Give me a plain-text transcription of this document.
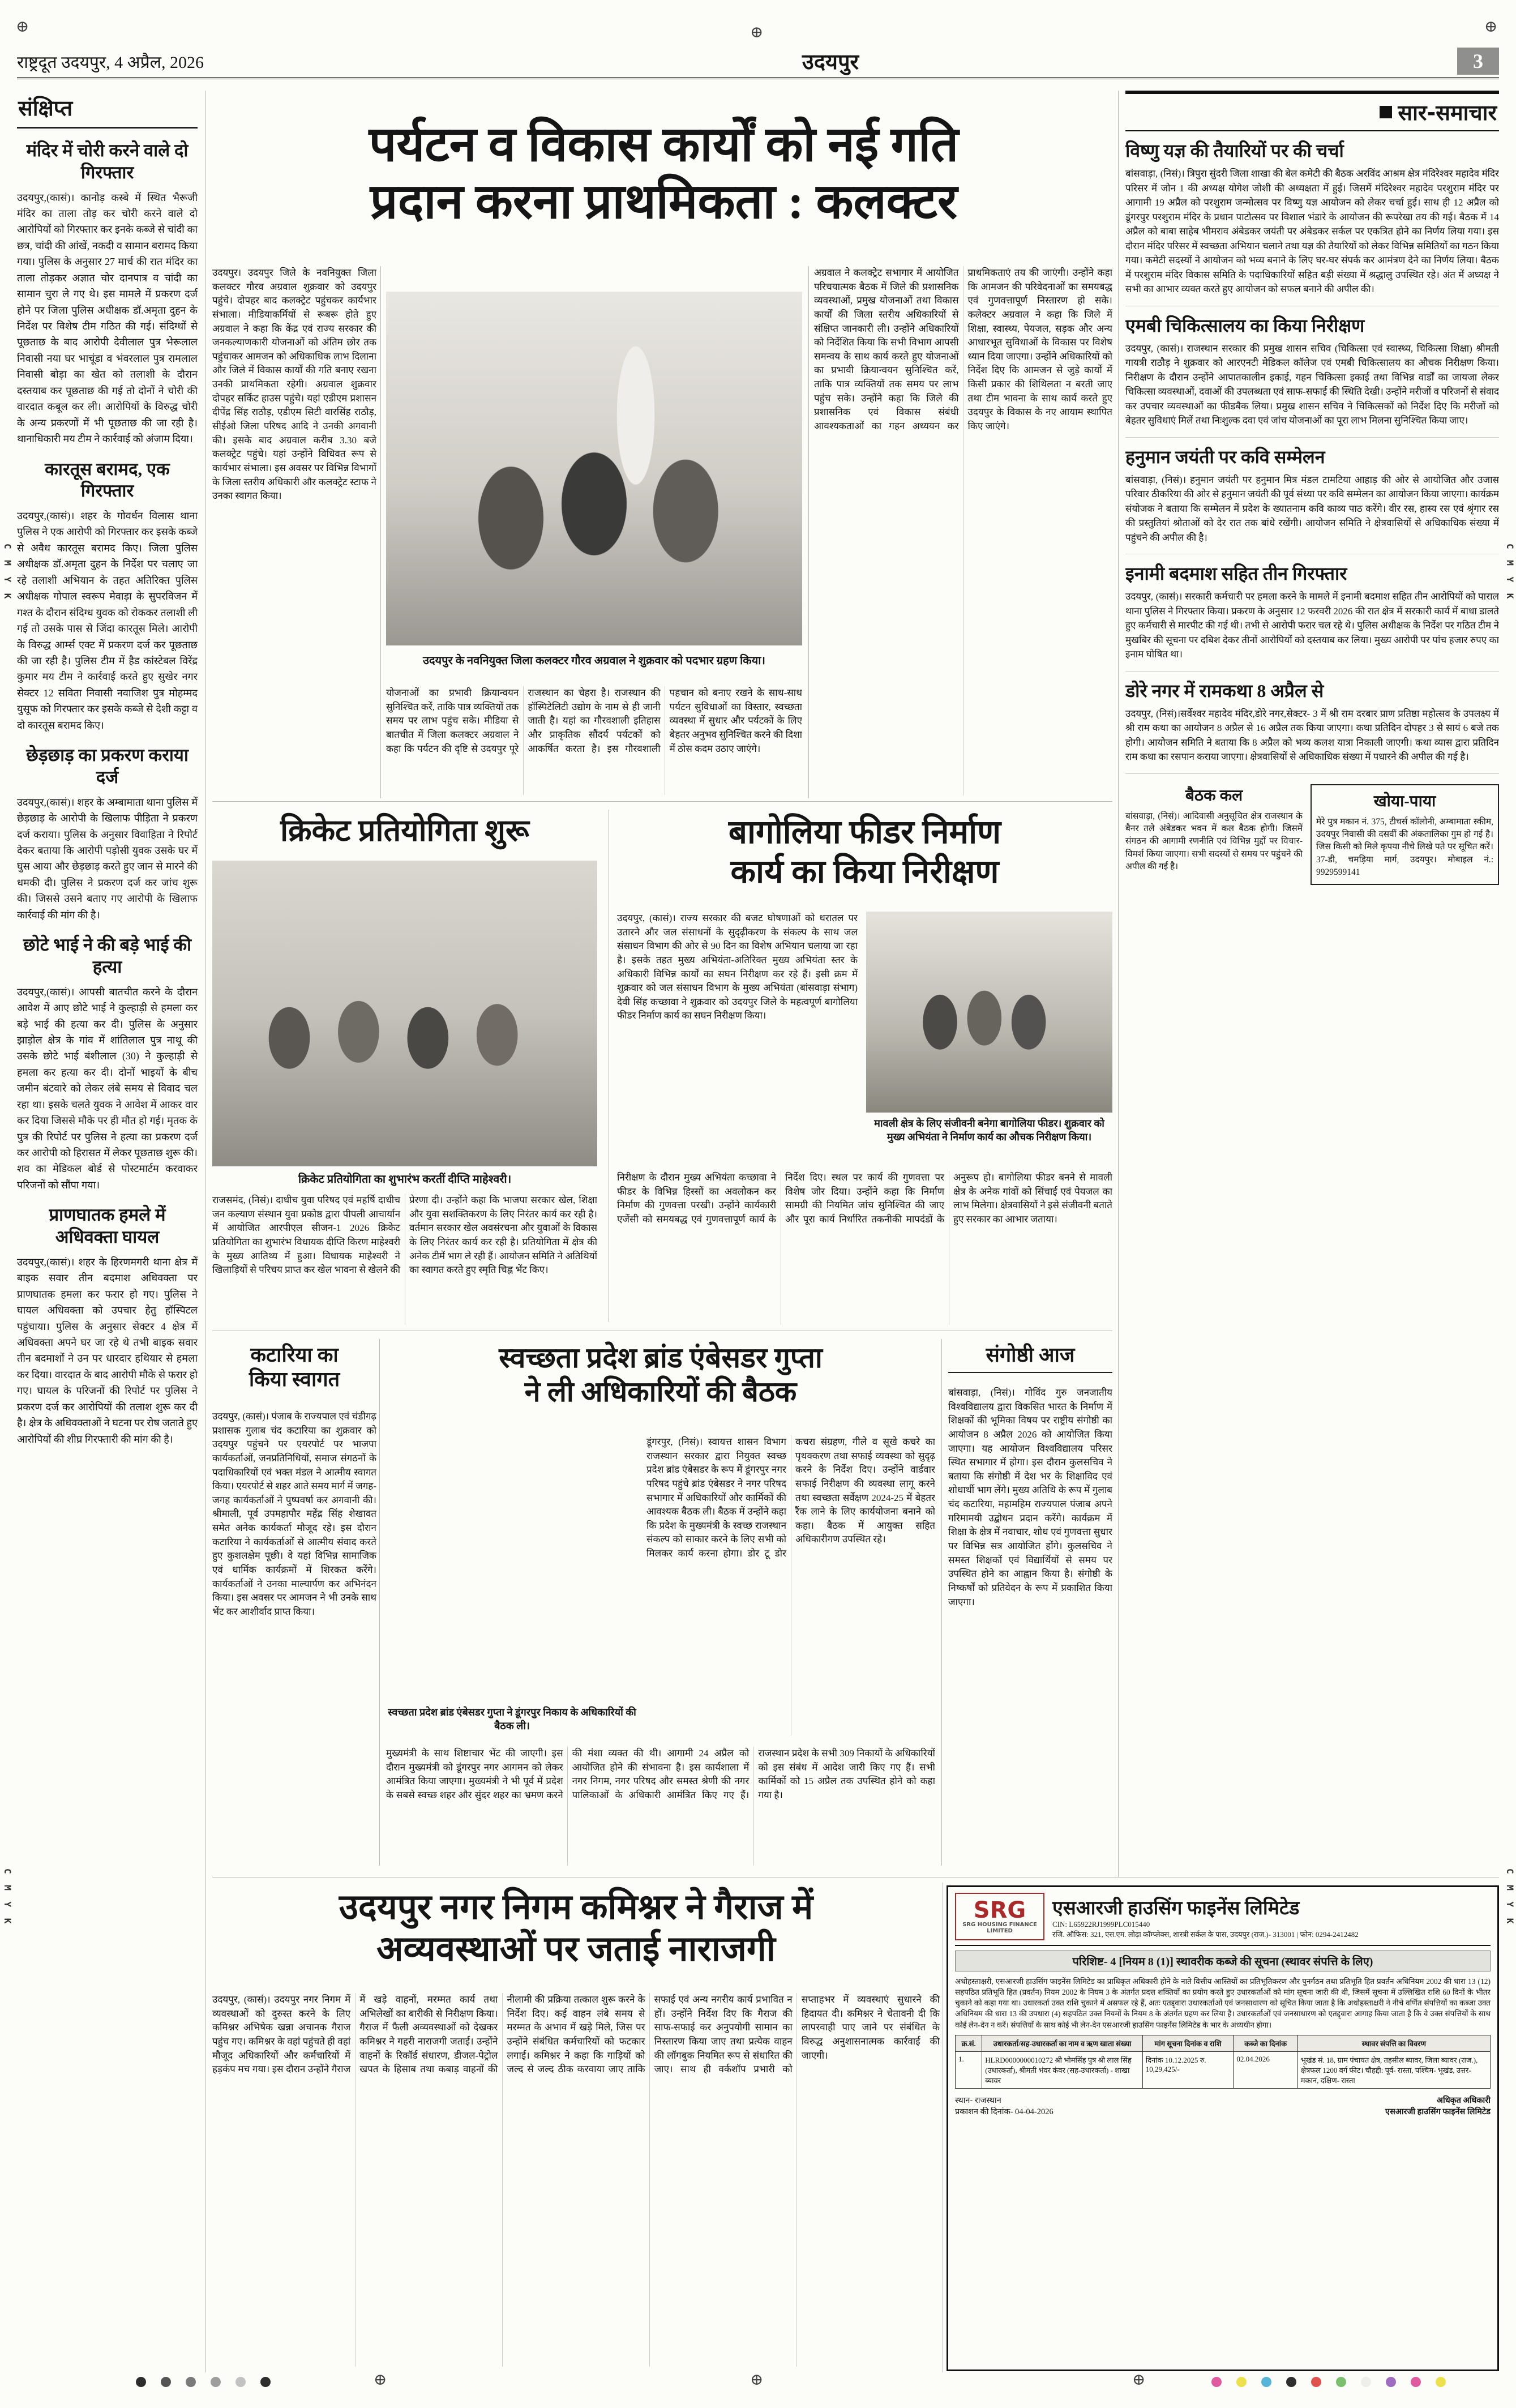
⊕	⊕	⊕
C M Y K
C M Y K
C M Y K
C M Y K
राष्ट्रदूत उदयपुर, 4 अप्रैल, 2026	उदयपुर	3
संक्षिप्त
मंदिर में चोरी करने वाले दो गिरफ्तार
उदयपुर,(कासं)। कानोड़ कस्बे में स्थित भैरूजी मंदिर का ताला तोड़ कर चोरी करने वाले दो आरोपियों को गिरफ्तार कर इनके कब्जे से चांदी का छत्र, चांदी की आंखें, नकदी व सामान बरामद किया गया। पुलिस के अनुसार 27 मार्च की रात मंदिर का ताला तोड़कर अज्ञात चोर दानपात्र व चांदी का सामान चुरा ले गए थे। इस मामले में प्रकरण दर्ज होने पर जिला पुलिस अधीक्षक डॉ.अमृता दुहन के निर्देश पर विशेष टीम गठित की गई। संदिग्धों से पूछताछ के बाद आरोपी देवीलाल पुत्र भेरूलाल निवासी नया घर भाचूंडा व भंवरलाल पुत्र रामलाल निवासी बोड़ा का खेत को तलाशी के दौरान दस्तयाब कर पूछताछ की गई तो दोनों ने चोरी की वारदात कबूल कर ली। आरोपियों के विरुद्ध चोरी के अन्य प्रकरणों में भी पूछताछ की जा रही है। थानाधिकारी मय टीम ने कार्रवाई को अंजाम दिया।
कारतूस बरामद, एक गिरफ्तार
उदयपुर,(कासं)। शहर के गोवर्धन विलास थाना पुलिस ने एक आरोपी को गिरफ्तार कर इसके कब्जे से अवैध कारतूस बरामद किए। जिला पुलिस अधीक्षक डॉ.अमृता दुहन के निर्देश पर चलाए जा रहे तलाशी अभियान के तहत अतिरिक्त पुलिस अधीक्षक गोपाल स्वरूप मेवाड़ा के सुपरविजन में गश्त के दौरान संदिग्ध युवक को रोककर तलाशी ली गई तो उसके पास से जिंदा कारतूस मिले। आरोपी के विरुद्ध आर्म्स एक्ट में प्रकरण दर्ज कर पूछताछ की जा रही है। पुलिस टीम में हैड कांस्टेबल विरेंद्र कुमार मय टीम ने कार्रवाई करते हुए सुखेर नगर सेक्टर 12 सविता निवासी नवाजिश पुत्र मोहम्मद युसूफ को गिरफ्तार कर इसके कब्जे से देशी कट्टा व दो कारतूस बरामद किए।
छेड़छाड़ का प्रकरण कराया दर्ज
उदयपुर,(कासं)। शहर के अम्बामाता थाना पुलिस में छेड़छाड़ के आरोपी के खिलाफ पीड़िता ने प्रकरण दर्ज कराया। पुलिस के अनुसार विवाहिता ने रिपोर्ट देकर बताया कि आरोपी पड़ोसी युवक उसके घर में घुस आया और छेड़छाड़ करते हुए जान से मारने की धमकी दी। पुलिस ने प्रकरण दर्ज कर जांच शुरू की। जिससे उसने बताए गए आरोपी के खिलाफ कार्रवाई की मांग की है।
छोटे भाई ने की बड़े भाई की हत्या
उदयपुर,(कासं)। आपसी बातचीत करने के दौरान आवेश में आए छोटे भाई ने कुल्हाड़ी से हमला कर बड़े भाई की हत्या कर दी। पुलिस के अनुसार झाड़ोल क्षेत्र के गांव में शांतिलाल पुत्र नाथू की उसके छोटे भाई बंशीलाल (30) ने कुल्हाड़ी से हमला कर हत्या कर दी। दोनों भाइयों के बीच जमीन बंटवारे को लेकर लंबे समय से विवाद चल रहा था। इसके चलते युवक ने आवेश में आकर वार कर दिया जिससे मौके पर ही मौत हो गई। मृतक के पुत्र की रिपोर्ट पर पुलिस ने हत्या का प्रकरण दर्ज कर आरोपी को हिरासत में लेकर पूछताछ शुरू की। शव का मेडिकल बोर्ड से पोस्टमार्टम करवाकर परिजनों को सौंपा गया।
प्राणघातक हमले में अधिवक्ता घायल
उदयपुर,(कासं)। शहर के हिरणमगरी थाना क्षेत्र में बाइक सवार तीन बदमाश अधिवक्ता पर प्राणघातक हमला कर फरार हो गए। पुलिस ने घायल अधिवक्ता को उपचार हेतु हॉस्पिटल पहुंचाया। पुलिस के अनुसार सेक्टर 4 क्षेत्र में अधिवक्ता अपने घर जा रहे थे तभी बाइक सवार तीन बदमाशों ने उन पर धारदार हथियार से हमला कर दिया। वारदात के बाद आरोपी मौके से फरार हो गए। घायल के परिजनों की रिपोर्ट पर पुलिस ने प्रकरण दर्ज कर आरोपियों की तलाश शुरू कर दी है। क्षेत्र के अधिवक्ताओं ने घटना पर रोष जताते हुए आरोपियों की शीघ्र गिरफ्तारी की मांग की है।
पर्यटन व विकास कार्यों को नई गति
प्रदान करना प्राथमिकता : कलक्टर
उदयपुर। उदयपुर जिले के नवनियुक्त जिला कलक्टर गौरव अग्रवाल शुक्रवार को उदयपुर पहुंचे। दोपहर बाद कलक्ट्रेट पहुंचकर कार्यभार संभाला। मीडियाकर्मियों से रूबरू होते हुए अग्रवाल ने कहा कि केंद्र एवं राज्य सरकार की जनकल्याणकारी योजनाओं को अंतिम छोर तक पहुंचाकर आमजन को अधिकाधिक लाभ दिलाना और जिले में विकास कार्यों की गति बनाए रखना उनकी प्राथमिकता रहेगी। अग्रवाल शुक्रवार दोपहर सर्किट हाउस पहुंचे। यहां एडीएम प्रशासन दीपेंद्र सिंह राठौड़, एडीएम सिटी वारसिंह राठौड़, सीईओ जिला परिषद आदि ने उनकी अगवानी की। इसके बाद अग्रवाल करीब 3.30 बजे कलक्ट्रेट पहुंचे। यहां उन्होंने विधिवत रूप से कार्यभार संभाला। इस अवसर पर विभिन्न विभागों के जिला स्तरीय अधिकारी और कलक्ट्रेट स्टाफ ने उनका स्वागत किया।
उदयपुर के नवनियुक्त जिला कलक्टर गौरव अग्रवाल ने शुक्रवार को पदभार ग्रहण किया।
अग्रवाल ने कलक्ट्रेट सभागार में आयोजित परिचयात्मक बैठक में जिले की प्रशासनिक व्यवस्थाओं, प्रमुख योजनाओं तथा विकास कार्यों की जिला स्तरीय अधिकारियों से संक्षिप्त जानकारी ली। उन्होंने अधिकारियों को निर्देशित किया कि सभी विभाग आपसी समन्वय के साथ कार्य करते हुए योजनाओं का प्रभावी क्रियान्वयन सुनिश्चित करें, ताकि पात्र व्यक्तियों तक समय पर लाभ पहुंच सके। उन्होंने कहा कि जिले की प्रशासनिक एवं विकास संबंधी आवश्यकताओं का गहन अध्ययन कर प्राथमिकताएं तय की जाएंगी। उन्होंने कहा कि आमजन की परिवेदनाओं का समयबद्ध एवं गुणवत्तापूर्ण निस्तारण हो सके। कलेक्टर अग्रवाल ने कहा कि जिले में शिक्षा, स्वास्थ्य, पेयजल, सड़क और अन्य आधारभूत सुविधाओं के विकास पर विशेष ध्यान दिया जाएगा। उन्होंने अधिकारियों को निर्देश दिए कि आमजन से जुड़े कार्यों में किसी प्रकार की शिथिलता न बरती जाए तथा टीम भावना के साथ कार्य करते हुए उदयपुर के विकास के नए आयाम स्थापित किए जाएंगे।
योजनाओं का प्रभावी क्रियान्वयन सुनिश्चित करें, ताकि पात्र व्यक्तियों तक समय पर लाभ पहुंच सके। मीडिया से बातचीत में जिला कलक्टर अग्रवाल ने कहा कि पर्यटन की दृष्टि से उदयपुर पूरे राजस्थान का चेहरा है। राजस्थान की हॉस्पिटेलिटी उद्योग के नाम से ही जानी जाती है। यहां का गौरवशाली इतिहास और प्राकृतिक सौंदर्य पर्यटकों को आकर्षित करता है। इस गौरवशाली पहचान को बनाए रखने के साथ-साथ पर्यटन सुविधाओं का विस्तार, स्वच्छता व्यवस्था में सुधार और पर्यटकों के लिए बेहतर अनुभव सुनिश्चित करने की दिशा में ठोस कदम उठाए जाएंगे।
क्रिकेट प्रतियोगिता शुरू
क्रिकेट प्रतियोगिता का शुभारंभ करतीं दीप्ति माहेश्वरी।
राजसमंद, (निसं)। दाधीच युवा परिषद एवं महर्षि दाधीच जन कल्याण संस्थान युवा प्रकोष्ठ द्वारा पीपली आचार्यान में आयोजित आरपीएल सीजन-1 2026 क्रिकेट प्रतियोगिता का शुभारंभ विधायक दीप्ति किरण माहेश्वरी के मुख्य आतिथ्य में हुआ। विधायक माहेश्वरी ने खिलाड़ियों से परिचय प्राप्त कर खेल भावना से खेलने की प्रेरणा दी। उन्होंने कहा कि भाजपा सरकार खेल, शिक्षा और युवा सशक्तिकरण के लिए निरंतर कार्य कर रही है। वर्तमान सरकार खेल अवसंरचना और युवाओं के विकास के लिए निरंतर कार्य कर रही है। प्रतियोगिता में क्षेत्र की अनेक टीमें भाग ले रही हैं। आयोजन समिति ने अतिथियों का स्वागत करते हुए स्मृति चिह्न भेंट किए।
बागोलिया फीडर निर्माण
कार्य का किया निरीक्षण
उदयपुर, (कासं)। राज्य सरकार की बजट घोषणाओं को धरातल पर उतारने और जल संसाधनों के सुदृढ़ीकरण के संकल्प के साथ जल संसाधन विभाग की ओर से 90 दिन का विशेष अभियान चलाया जा रहा है। इसके तहत मुख्य अभियंता-अतिरिक्त मुख्य अभियंता स्तर के अधिकारी विभिन्न कार्यों का सघन निरीक्षण कर रहे हैं। इसी क्रम में शुक्रवार को जल संसाधन विभाग के मुख्य अभियंता (बांसवाड़ा संभाग) देवी सिंह कच्छावा ने शुक्रवार को उदयपुर जिले के महत्वपूर्ण बागोलिया फीडर निर्माण कार्य का सघन निरीक्षण किया।
मावली क्षेत्र के लिए संजीवनी बनेगा बागोलिया फीडर। शुक्रवार को मुख्य अभियंता ने निर्माण कार्य का औचक निरीक्षण किया।
निरीक्षण के दौरान मुख्य अभियंता कच्छावा ने फीडर के विभिन्न हिस्सों का अवलोकन कर निर्माण की गुणवत्ता परखी। उन्होंने कार्यकारी एजेंसी को समयबद्ध एवं गुणवत्तापूर्ण कार्य के निर्देश दिए। स्थल पर कार्य की गुणवत्ता पर विशेष जोर दिया। उन्होंने कहा कि निर्माण सामग्री की नियमित जांच सुनिश्चित की जाए और पूरा कार्य निर्धारित तकनीकी मापदंडों के अनुरूप हो। बागोलिया फीडर बनने से मावली क्षेत्र के अनेक गांवों को सिंचाई एवं पेयजल का लाभ मिलेगा। क्षेत्रवासियों ने इसे संजीवनी बताते हुए सरकार का आभार जताया।
कटारिया का
किया स्वागत
उदयपुर, (कासं)। पंजाब के राज्यपाल एवं चंडीगढ़ प्रशासक गुलाब चंद कटारिया का शुक्रवार को उदयपुर पहुंचने पर एयरपोर्ट पर भाजपा कार्यकर्ताओं, जनप्रतिनिधियों, समाज संगठनों के पदाधिकारियों एवं भक्त मंडल ने आत्मीय स्वागत किया। एयरपोर्ट से शहर आते समय मार्ग में जगह-जगह कार्यकर्ताओं ने पुष्पवर्षा कर अगवानी की। श्रीमाली, पूर्व उपमहापौर महेंद्र सिंह शेखावत समेत अनेक कार्यकर्ता मौजूद रहे। इस दौरान कटारिया ने कार्यकर्ताओं से आत्मीय संवाद करते हुए कुशलक्षेम पूछी। वे यहां विभिन्न सामाजिक एवं धार्मिक कार्यक्रमों में शिरकत करेंगे। कार्यकर्ताओं ने उनका माल्यार्पण कर अभिनंदन किया। इस अवसर पर आमजन ने भी उनके साथ भेंट कर आशीर्वाद प्राप्त किया।
स्वच्छता प्रदेश ब्रांड एंबेसडर गुप्ता
ने ली अधिकारियों की बैठक
स्वच्छता प्रदेश ब्रांड एंबेसडर गुप्ता ने डूंगरपुर निकाय के अधिकारियों की बैठक ली।
डूंगरपुर, (निसं)। स्वायत्त शासन विभाग राजस्थान सरकार द्वारा नियुक्त स्वच्छ प्रदेश ब्रांड एंबेसडर के रूप में डूंगरपुर नगर परिषद पहुंचे ब्रांड एंबेसडर ने नगर परिषद सभागार में अधिकारियों और कार्मिकों की आवश्यक बैठक ली। बैठक में उन्होंने कहा कि प्रदेश के मुख्यमंत्री के स्वच्छ राजस्थान संकल्प को साकार करने के लिए सभी को मिलकर कार्य करना होगा। डोर टू डोर कचरा संग्रहण, गीले व सूखे कचरे का पृथक्करण तथा सफाई व्यवस्था को सुदृढ़ करने के निर्देश दिए। उन्होंने वार्डवार सफाई निरीक्षण की व्यवस्था लागू करने तथा स्वच्छता सर्वेक्षण 2024-25 में बेहतर रैंक लाने के लिए कार्ययोजना बनाने को कहा। बैठक में आयुक्त सहित अधिकारीगण उपस्थित रहे।
मुख्यमंत्री के साथ शिष्टाचार भेंट की जाएगी। इस दौरान मुख्यमंत्री को डूंगरपुर नगर आगमन को लेकर आमंत्रित किया जाएगा। मुख्यमंत्री ने भी पूर्व में प्रदेश के सबसे स्वच्छ शहर और सुंदर शहर का भ्रमण करने की मंशा व्यक्त की थी। आगामी 24 अप्रैल को आयोजित होने की संभावना है। इस कार्यशाला में नगर निगम, नगर परिषद और समस्त श्रेणी की नगर पालिकाओं के अधिकारी आमंत्रित किए गए हैं। राजस्थान प्रदेश के सभी 309 निकायों के अधिकारियों को इस संबंध में आदेश जारी किए गए हैं। सभी कार्मिकों को 15 अप्रैल तक उपस्थित होने को कहा गया है।
संगोष्ठी आज
बांसवाड़ा, (निसं)। गोविंद गुरु जनजातीय विश्वविद्यालय द्वारा विकसित भारत के निर्माण में शिक्षकों की भूमिका विषय पर राष्ट्रीय संगोष्ठी का आयोजन 8 अप्रैल 2026 को आयोजित किया जाएगा। यह आयोजन विश्वविद्यालय परिसर स्थित सभागार में होगा। इस दौरान कुलसचिव ने बताया कि संगोष्ठी में देश भर के शिक्षाविद एवं शोधार्थी भाग लेंगे। मुख्य अतिथि के रूप में गुलाब चंद कटारिया, महामहिम राज्यपाल पंजाब अपने गरिमामयी उद्बोधन प्रदान करेंगे। कार्यक्रम में शिक्षा के क्षेत्र में नवाचार, शोध एवं गुणवत्ता सुधार पर विभिन्न सत्र आयोजित होंगे। कुलसचिव ने समस्त शिक्षकों एवं विद्यार्थियों से समय पर उपस्थित होने का आह्वान किया है। संगोष्ठी के निष्कर्षों को प्रतिवेदन के रूप में प्रकाशित किया जाएगा।
उदयपुर नगर निगम कमिश्नर ने गैराज में
अव्यवस्थाओं पर जताई नाराजगी
उदयपुर, (कासं)। उदयपुर नगर निगम में व्यवस्थाओं को दुरुस्त करने के लिए कमिश्नर अभिषेक खन्ना अचानक गैराज पहुंच गए। कमिश्नर के वहां पहुंचते ही वहां मौजूद अधिकारियों और कर्मचारियों में हड़कंप मच गया। इस दौरान उन्होंने गैराज में खड़े वाहनों, मरम्मत कार्य तथा अभिलेखों का बारीकी से निरीक्षण किया। गैराज में फैली अव्यवस्थाओं को देखकर कमिश्नर ने गहरी नाराजगी जताई। उन्होंने वाहनों के रिकॉर्ड संधारण, डीजल-पेट्रोल खपत के हिसाब तथा कबाड़ वाहनों की नीलामी की प्रक्रिया तत्काल शुरू करने के निर्देश दिए। कई वाहन लंबे समय से मरम्मत के अभाव में खड़े मिले, जिस पर उन्होंने संबंधित कर्मचारियों को फटकार लगाई। कमिश्नर ने कहा कि गाड़ियों को जल्द से जल्द ठीक करवाया जाए ताकि सफाई एवं अन्य नगरीय कार्य प्रभावित न हों। उन्होंने निर्देश दिए कि गैराज की साफ-सफाई कर अनुपयोगी सामान का निस्तारण किया जाए तथा प्रत्येक वाहन की लॉगबुक नियमित रूप से संधारित की जाए। साथ ही वर्कशॉप प्रभारी को सप्ताहभर में व्यवस्थाएं सुधारने की हिदायत दी। कमिश्नर ने चेतावनी दी कि लापरवाही पाए जाने पर संबंधित के विरुद्ध अनुशासनात्मक कार्रवाई की जाएगी।
सार-समाचार
विष्णु यज्ञ की तैयारियों पर की चर्चा
बांसवाड़ा, (निसं)। त्रिपुरा सुंदरी जिला शाखा की बेल कमेटी की बैठक अरविंद आश्रम क्षेत्र मंदिरेश्वर महादेव मंदिर परिसर में जोन 1 की अध्यक्ष योगेश जोशी की अध्यक्षता में हुई। जिसमें मंदिरेश्वर महादेव परशुराम मंदिर पर आगामी 19 अप्रैल को परशुराम जन्मोत्सव पर विष्णु यज्ञ आयोजन को लेकर चर्चा हुई। साथ ही 12 अप्रैल को डूंगरपुर परशुराम मंदिर के प्रधान पाटोत्सव पर विशाल भंडारे के आयोजन की रूपरेखा तय की गई। बैठक में 14 अप्रैल को बाबा साहेब भीमराव अंबेडकर जयंती पर अंबेडकर सर्कल पर एकत्रित होने का निर्णय लिया गया। इस दौरान मंदिर परिसर में स्वच्छता अभियान चलाने तथा यज्ञ की तैयारियों को लेकर विभिन्न समितियों का गठन किया गया। कमेटी सदस्यों ने आयोजन को भव्य बनाने के लिए घर-घर संपर्क कर आमंत्रण देने का निर्णय लिया। बैठक में परशुराम मंदिर विकास समिति के पदाधिकारियों सहित बड़ी संख्या में श्रद्धालु उपस्थित रहे। अंत में अध्यक्ष ने सभी का आभार व्यक्त करते हुए आयोजन को सफल बनाने की अपील की।
एमबी चिकित्सालय का किया निरीक्षण
उदयपुर, (कासं)। राजस्थान सरकार की प्रमुख शासन सचिव (चिकित्सा एवं स्वास्थ्य, चिकित्सा शिक्षा) श्रीमती गायत्री राठौड़ ने शुक्रवार को आरएनटी मेडिकल कॉलेज एवं एमबी चिकित्सालय का औचक निरीक्षण किया। निरीक्षण के दौरान उन्होंने आपातकालीन इकाई, गहन चिकित्सा इकाई तथा विभिन्न वार्डों का जायजा लेकर चिकित्सा व्यवस्थाओं, दवाओं की उपलब्धता एवं साफ-सफाई की स्थिति देखी। उन्होंने मरीजों व परिजनों से संवाद कर उपचार व्यवस्थाओं का फीडबैक लिया। प्रमुख शासन सचिव ने चिकित्सकों को निर्देश दिए कि मरीजों को बेहतर सुविधाएं मिलें तथा निःशुल्क दवा एवं जांच योजनाओं का पूरा लाभ मिलना सुनिश्चित किया जाए।
हनुमान जयंती पर कवि सम्मेलन
बांसवाड़ा, (निसं)। हनुमान जयंती पर हनुमान मित्र मंडल टामटिया आहाड़ की ओर से आयोजित और उजास परिवार ठीकरिया की ओर से हनुमान जयंती की पूर्व संध्या पर कवि सम्मेलन का आयोजन किया जाएगा। कार्यक्रम संयोजक ने बताया कि सम्मेलन में प्रदेश के ख्यातनाम कवि काव्य पाठ करेंगे। वीर रस, हास्य रस एवं श्रृंगार रस की प्रस्तुतियां श्रोताओं को देर रात तक बांधे रखेंगी। आयोजन समिति ने क्षेत्रवासियों से अधिकाधिक संख्या में पहुंचने की अपील की है।
इनामी बदमाश सहित तीन गिरफ्तार
उदयपुर, (कासं)। सरकारी कर्मचारी पर हमला करने के मामले में इनामी बदमाश सहित तीन आरोपियों को पाराल थाना पुलिस ने गिरफ्तार किया। प्रकरण के अनुसार 12 फरवरी 2026 की रात क्षेत्र में सरकारी कार्य में बाधा डालते हुए कर्मचारी से मारपीट की गई थी। तभी से आरोपी फरार चल रहे थे। पुलिस अधीक्षक के निर्देश पर गठित टीम ने मुखबिर की सूचना पर दबिश देकर तीनों आरोपियों को दस्तयाब कर लिया। मुख्य आरोपी पर पांच हजार रुपए का इनाम घोषित था।
डोरे नगर में रामकथा 8 अप्रैल से
उदयपुर, (निसं)।सर्वेश्वर महादेव मंदिर,डोरे नगर,सेक्टर- 3 में श्री राम दरबार प्राण प्रतिष्ठा महोत्सव के उपलक्ष्य में श्री राम कथा का आयोजन 8 अप्रैल से 16 अप्रैल तक किया जाएगा। कथा प्रतिदिन दोपहर 3 से सायं 6 बजे तक होगी। आयोजन समिति ने बताया कि 8 अप्रैल को भव्य कलश यात्रा निकाली जाएगी। कथा व्यास द्वारा प्रतिदिन राम कथा का रसपान कराया जाएगा। क्षेत्रवासियों से अधिकाधिक संख्या में पधारने की अपील की गई है।
बैठक कल
बांसवाड़ा, (निसं)। आदिवासी अनुसूचित क्षेत्र राजस्थान के बैनर तले अंबेडकर भवन में कल बैठक होगी। जिसमें संगठन की आगामी रणनीति एवं विभिन्न मुद्दों पर विचार-विमर्श किया जाएगा। सभी सदस्यों से समय पर पहुंचने की अपील की गई है।
खोया-पाया
मेरे पुत्र मकान नं. 375, टीचर्स कॉलोनी, अम्बामाता स्कीम, उदयपुर निवासी की दसवीं की अंकतालिका गुम हो गई है। जिस किसी को मिले कृपया नीचे लिखे पते पर सूचित करें। 37-डी, चमड़िया मार्ग, उदयपुर। मोबाइल नं.: 9929599141
SRG
SRG HOUSING FINANCE LIMITED
एसआरजी हाउसिंग फाइनेंस लिमिटेड
CIN: L65922RJ1999PLC015440
रजि. ऑफिस: 321, एस.एम. लोढ़ा कॉम्प्लेक्स, शास्त्री सर्कल के पास, उदयपुर (राज.)- 313001 | फोन: 0294-2412482
परिशिष्ट- 4 [नियम 8 (1)] स्थावरीक कब्जे की सूचना (स्थावर संपत्ति के लिए)
अधोहस्ताक्षरी, एसआरजी हाउसिंग फाइनेंस लिमिटेड का प्राधिकृत अधिकारी होने के नाते वित्तीय आस्तियों का प्रतिभूतिकरण और पुनर्गठन तथा प्रतिभूति हित प्रवर्तन अधिनियम 2002 की धारा 13 (12) सहपठित प्रतिभूति हित (प्रवर्तन) नियम 2002 के नियम 3 के अंतर्गत प्रदत्त शक्तियों का प्रयोग करते हुए उधारकर्ताओं को मांग सूचना जारी की थी, जिसमें सूचना में उल्लिखित राशि 60 दिनों के भीतर चुकाने को कहा गया था। उधारकर्ता उक्त राशि चुकाने में असफल रहे हैं, अतः एतद्द्वारा उधारकर्ताओं एवं जनसाधारण को सूचित किया जाता है कि अधोहस्ताक्षरी ने नीचे वर्णित संपत्तियों का कब्जा उक्त अधिनियम की धारा 13 की उपधारा (4) सहपठित उक्त नियमों के नियम 8 के अंतर्गत ग्रहण कर लिया है। उधारकर्ताओं एवं जनसाधारण को एतद्द्वारा आगाह किया जाता है कि वे उक्त संपत्तियों के साथ कोई लेन-देन न करें। संपत्तियों के साथ कोई भी लेन-देन एसआरजी हाउसिंग फाइनेंस लिमिटेड के भार के अध्यधीन होगा।
क्र.सं.	उधारकर्ता/सह-उधारकर्ता का नाम व ऋण खाता संख्या	मांग सूचना दिनांक व राशि	कब्जे का दिनांक	स्थावर संपत्ति का विवरण
1.	HLRD0000000010272 श्री भोमसिंह पुत्र श्री लाल सिंह (उधारकर्ता), श्रीमती भंवर कंवर (सह-उधारकर्ता) - शाखा ब्यावर	दिनांक 10.12.2025 रु. 10,29,425/-	02.04.2026	भूखंड सं. 18, ग्राम पंचायत क्षेत्र, तहसील ब्यावर, जिला ब्यावर (राज.), क्षेत्रफल 1200 वर्ग फीट। चौहद्दी: पूर्व- रास्ता, पश्चिम- भूखंड, उत्तर- मकान, दक्षिण- रास्ता
स्थान- राजस्थान
प्रकाशन की दिनांक- 04-04-2026
अधिकृत अधिकारी
एसआरजी हाउसिंग फाइनेंस लिमिटेड
⊕	⊕	⊕
